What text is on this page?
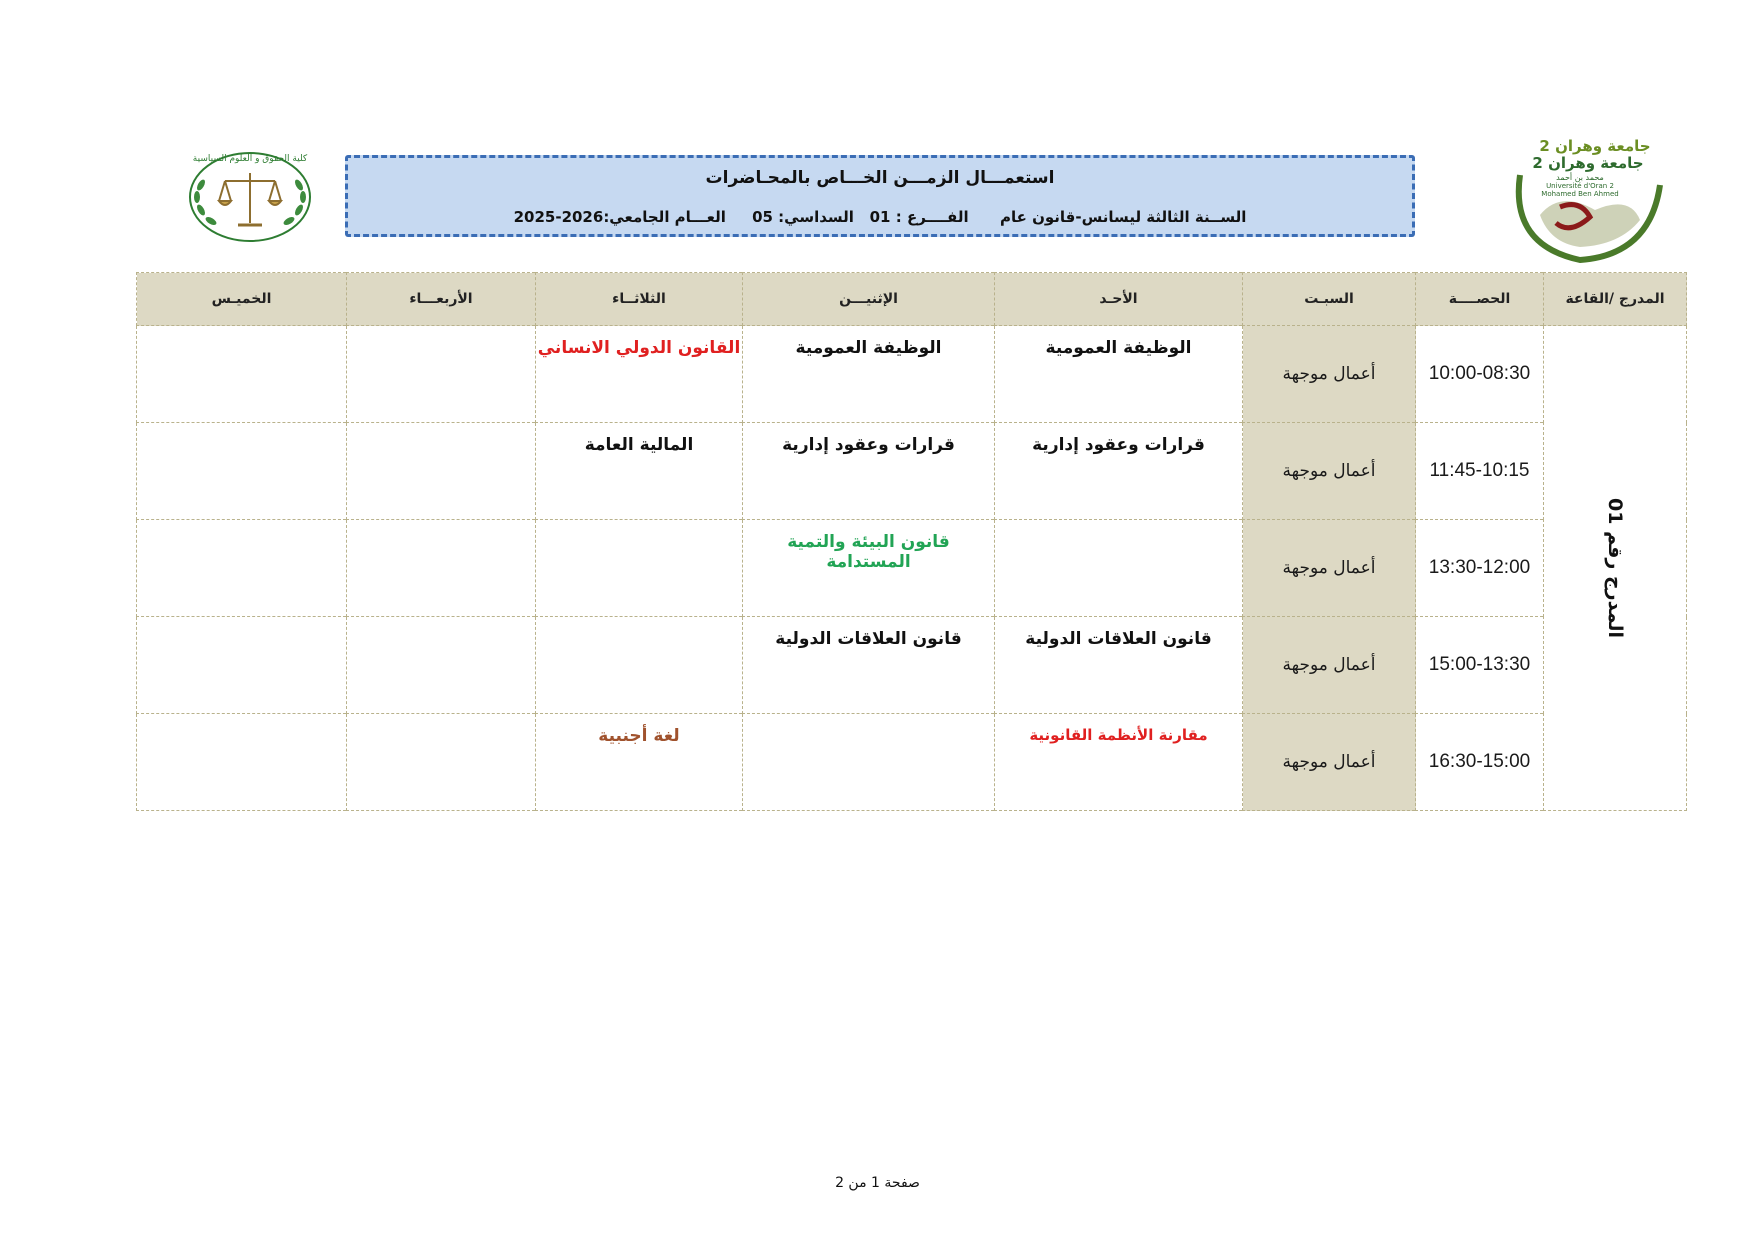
كلية الحقوق و العلوم السياسية
استعمـــال الزمـــن الخـــاص بالمحـاضرات
الســنة الثالثة ليسانس-قانون عام      الفــــرع : 01   السداسي: 05     العـــام الجامعي:2026-2025
جامعة وهران 2
جامعة وهران 2
محمد بن أحمد
Université d'Oran 2
Mohamed Ben Ahmed
المدرج /القاعة	الحصــــة	السبـت	الأحـد	الإثنيـــن	الثلاثــاء	الأربعـــاء	الخميـس
المدرج رقم 01	10:00-08:30	أعمال موجهة	الوظيفة العمومية	الوظيفة العمومية	القانون الدولي الانساني		
	11:45-10:15	أعمال موجهة	قرارات وعقود إدارية	قرارات وعقود إدارية	المالية العامة		
	13:30-12:00	أعمال موجهة		قانون البيئة والتمية المستدامة			
	15:00-13:30	أعمال موجهة	قانون العلاقات الدولية	قانون العلاقات الدولية			
	16:30-15:00	أعمال موجهة	مقارنة الأنظمة القانونية		لغة أجنبية		
صفحة 1 من 2
